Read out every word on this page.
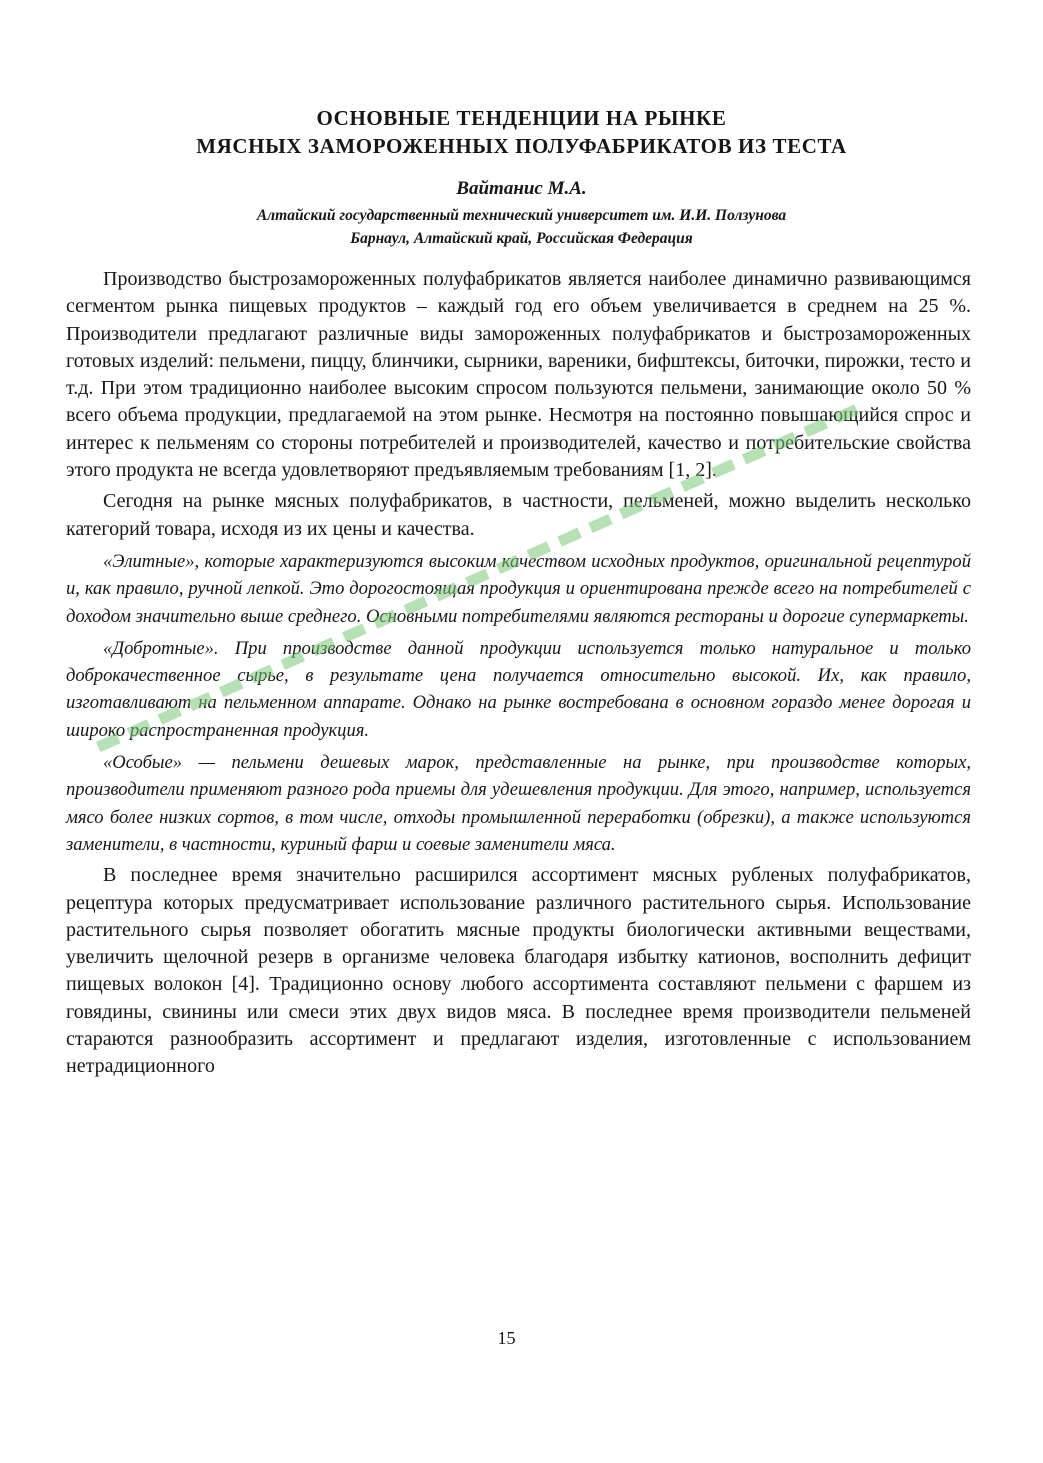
ОСНОВНЫЕ ТЕНДЕНЦИИ НА РЫНКЕ
МЯСНЫХ ЗАМОРОЖЕННЫХ ПОЛУФАБРИКАТОВ ИЗ ТЕСТА
Вайтанис М.А.
Алтайский государственный технический университет им. И.И. Ползунова
Барнаул, Алтайский край, Российская Федерация

Производство быстрозамороженных полуфабрикатов является наиболее динамично развивающимся сегментом рынка пищевых продуктов – каждый год его объем увеличивается в среднем на 25 %. Производители предлагают различные виды замороженных полуфабрикатов и быстрозамороженных готовых изделий: пельмени, пиццу, блинчики, сырники, вареники, бифштексы, биточки, пирожки, тесто и т.д. При этом традиционно наиболее высоким спросом пользуются пельмени, занимающие около 50 % всего объема продукции, предлагаемой на этом рынке. Несмотря на постоянно повышающийся спрос и интерес к пельменям со стороны потребителей и производителей, качество и потребительские свойства этого продукта не всегда удовлетворяют предъявляемым требованиям [1, 2].

Сегодня на рынке мясных полуфабрикатов, в частности, пельменей, можно выделить несколько категорий товара, исходя из их цены и качества.

«Элитные», которые характеризуются высоким качеством исходных продуктов, оригинальной рецептурой и, как правило, ручной лепкой. Это дорогостоящая продукция и ориентирована прежде всего на потребителей с доходом значительно выше среднего. Основными потребителями являются рестораны и дорогие супермаркеты.

«Добротные». При производстве данной продукции используется только натуральное и только доброкачественное сырье, в результате цена получается относительно высокой. Их, как правило, изготавливают на пельменном аппарате. Однако на рынке востребована в основном гораздо менее дорогая и широко распространенная продукция.

«Особые» — пельмени дешевых марок, представленные на рынке, при производстве которых, производители применяют разного рода приемы для удешевления продукции. Для этого, например, используется мясо более низких сортов, в том числе, отходы промышленной переработки (обрезки), а также используются заменители, в частности, куриный фарш и соевые заменители мяса.

В последнее время значительно расширился ассортимент мясных рубленых полуфабрикатов, рецептура которых предусматривает использование различного растительного сырья. Использование растительного сырья позволяет обогатить мясные продукты биологически активными веществами, увеличить щелочной резерв в организме человека благодаря избытку катионов, восполнить дефицит пищевых волокон [4]. Традиционно основу любого ассортимента составляют пельмени с фаршем из говядины, свинины или смеси этих двух видов мяса. В последнее время производители пельменей стараются разнообразить ассортимент и предлагают изделия, изготовленные с использованием нетрадиционного

15
